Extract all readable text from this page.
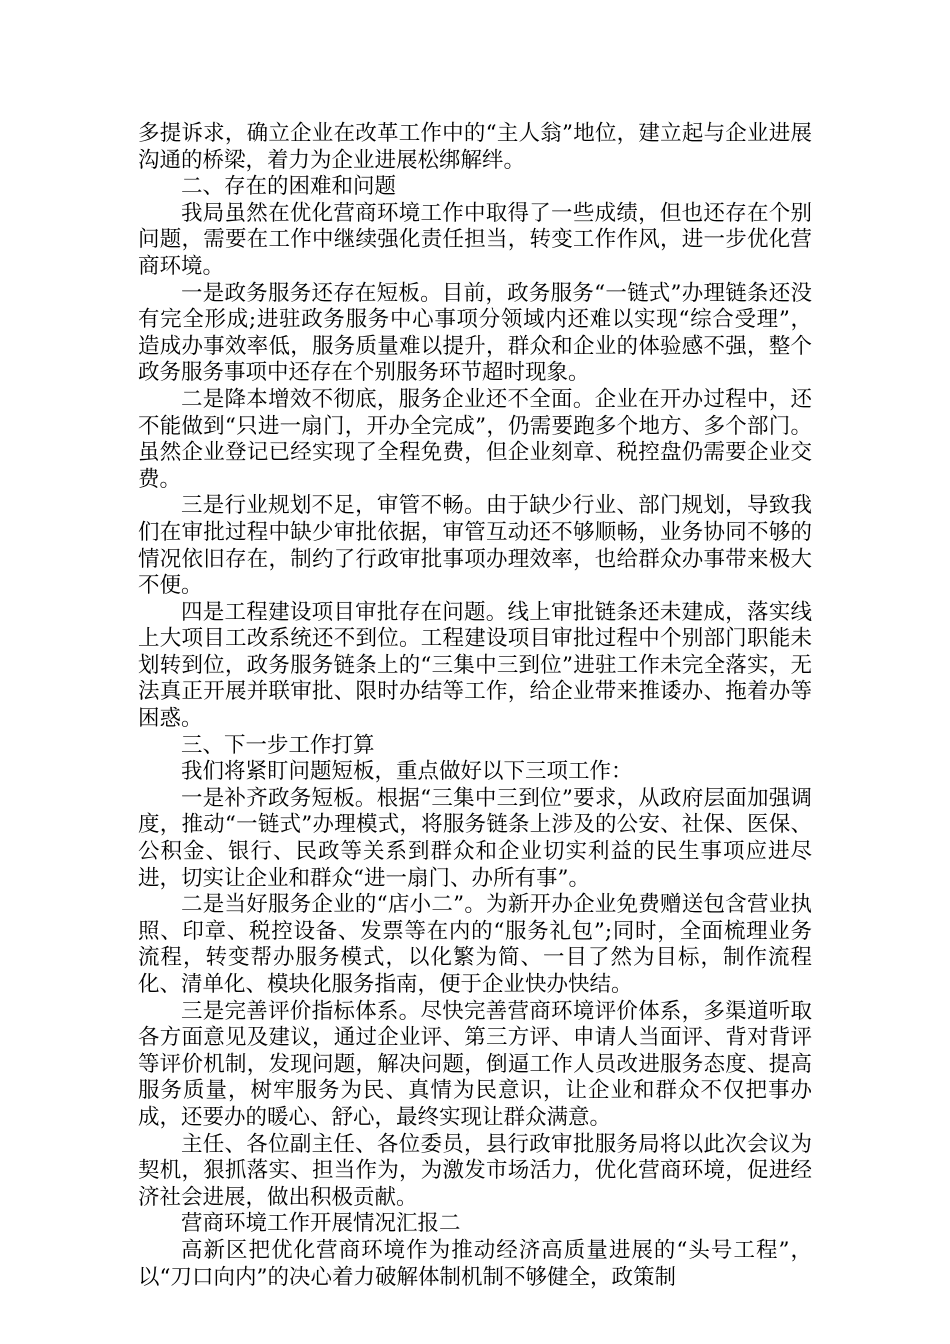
多提诉求，确立企业在改革工作中的“主人翁”地位，建立起与企业进展沟通的桥梁，着力为企业进展松绑解绊。

二、存在的困难和问题

我局虽然在优化营商环境工作中取得了一些成绩，但也还存在个别问题，需要在工作中继续强化责任担当，转变工作作风，进一步优化营商环境。

一是政务服务还存在短板。目前，政务服务“一链式”办理链条还没有完全形成;进驻政务服务中心事项分领域内还难以实现“综合受理”，造成办事效率低，服务质量难以提升，群众和企业的体验感不强，整个政务服务事项中还存在个别服务环节超时现象。

二是降本增效不彻底，服务企业还不全面。企业在开办过程中，还不能做到“只进一扇门，开办全完成”，仍需要跑多个地方、多个部门。虽然企业登记已经实现了全程免费，但企业刻章、税控盘仍需要企业交费。

三是行业规划不足，审管不畅。由于缺少行业、部门规划，导致我们在审批过程中缺少审批依据，审管互动还不够顺畅，业务协同不够的情况依旧存在，制约了行政审批事项办理效率，也给群众办事带来极大不便。

四是工程建设项目审批存在问题。线上审批链条还未建成，落实线上大项目工改系统还不到位。工程建设项目审批过程中个别部门职能未划转到位，政务服务链条上的“三集中三到位”进驻工作未完全落实，无法真正开展并联审批、限时办结等工作，给企业带来推诿办、拖着办等困惑。

三、下一步工作打算

我们将紧盯问题短板，重点做好以下三项工作：

一是补齐政务短板。根据“三集中三到位”要求，从政府层面加强调度，推动“一链式”办理模式，将服务链条上涉及的公安、社保、医保、公积金、银行、民政等关系到群众和企业切实利益的民生事项应进尽进，切实让企业和群众“进一扇门、办所有事”。

二是当好服务企业的“店小二”。为新开办企业免费赠送包含营业执照、印章、税控设备、发票等在内的“服务礼包”;同时，全面梳理业务流程，转变帮办服务模式，以化繁为简、一目了然为目标，制作流程化、清单化、模块化服务指南，便于企业快办快结。

三是完善评价指标体系。尽快完善营商环境评价体系，多渠道听取各方面意见及建议，通过企业评、第三方评、申请人当面评、背对背评等评价机制，发现问题，解决问题，倒逼工作人员改进服务态度、提高服务质量，树牢服务为民、真情为民意识，让企业和群众不仅把事办成，还要办的暖心、舒心，最终实现让群众满意。

主任、各位副主任、各位委员，县行政审批服务局将以此次会议为契机，狠抓落实、担当作为，为激发市场活力，优化营商环境，促进经济社会进展，做出积极贡献。

营商环境工作开展情况汇报二

高新区把优化营商环境作为推动经济高质量进展的“头号工程”，以“刀口向内”的决心着力破解体制机制不够健全，政策制
